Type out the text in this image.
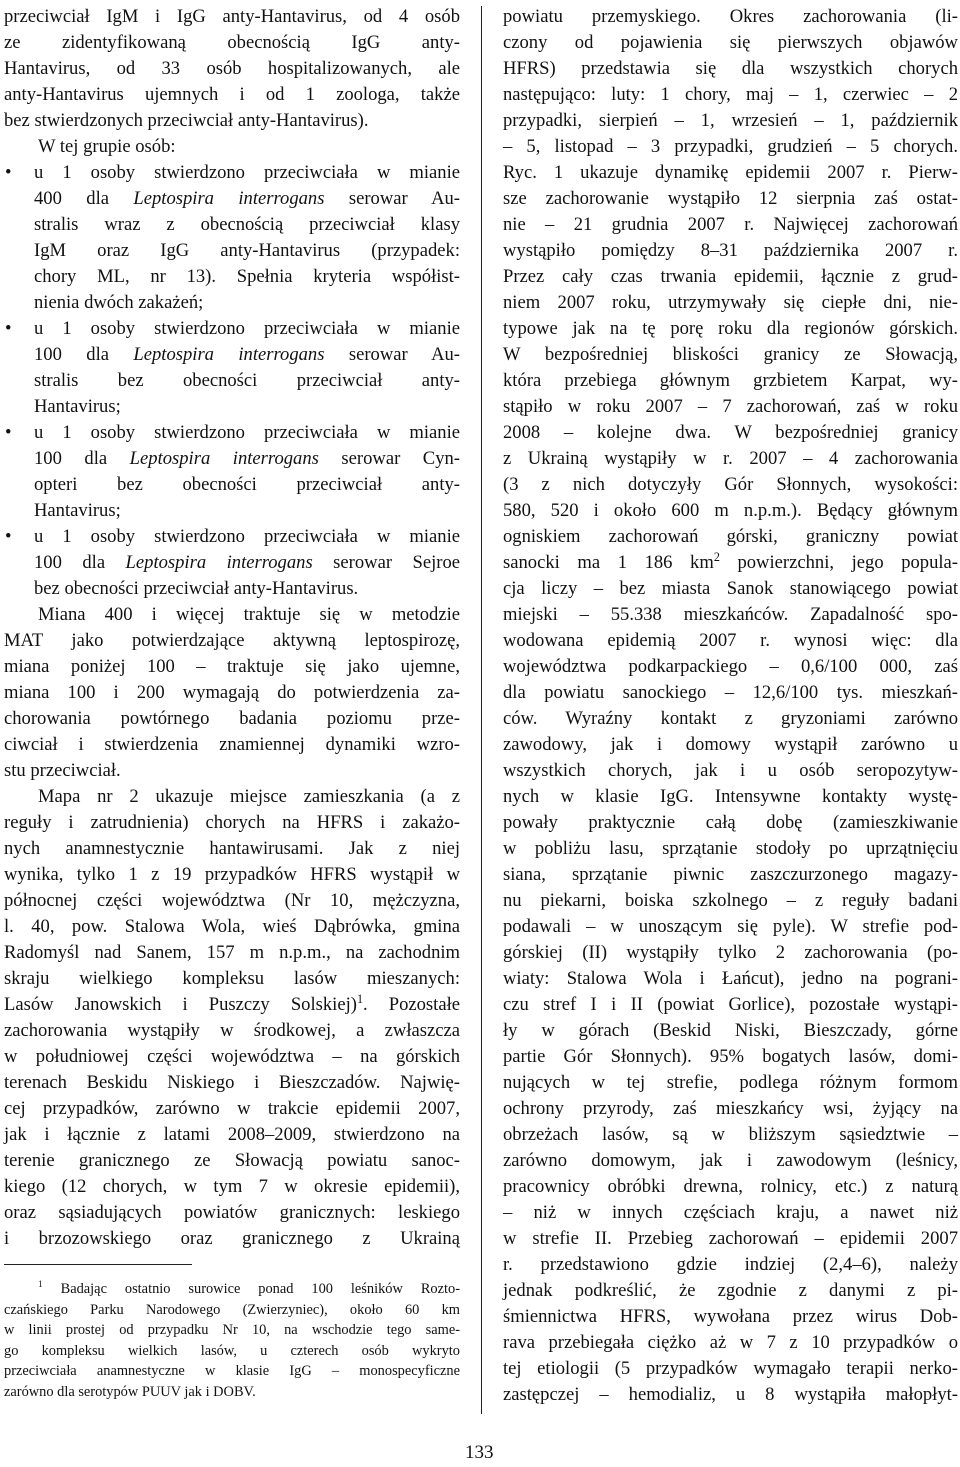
przeciwciał IgM i IgG anty-Hantavirus, od 4 osób
ze zidentyfikowaną obecnością IgG anty-
Hantavirus, od 33 osób hospitalizowanych, ale
anty-Hantavirus ujemnych i od 1 zoologa, także
bez stwierdzonych przeciwciał anty-Hantavirus).
W tej grupie osób:
• u 1 osoby stwierdzono przeciwciała w mianie
400 dla Leptospira interrogans serowar Au-
stralis wraz z obecnością przeciwciał klasy
IgM oraz IgG anty-Hantavirus (przypadek:
chory ML, nr 13). Spełnia kryteria współist-
nienia dwóch zakażeń;
• u 1 osoby stwierdzono przeciwciała w mianie
100 dla Leptospira interrogans serowar Au-
stralis bez obecności przeciwciał anty-
Hantavirus;
• u 1 osoby stwierdzono przeciwciała w mianie
100 dla Leptospira interrogans serowar Cyn-
opteri bez obecności przeciwciał anty-
Hantavirus;
• u 1 osoby stwierdzono przeciwciała w mianie
100 dla Leptospira interrogans serowar Sejroe
bez obecności przeciwciał anty-Hantavirus.
Miana 400 i więcej traktuje się w metodzie
MAT jako potwierdzające aktywną leptospirozę,
miana poniżej 100 – traktuje się jako ujemne,
miana 100 i 200 wymagają do potwierdzenia za-
chorowania powtórnego badania poziomu prze-
ciwciał i stwierdzenia znamiennej dynamiki wzro-
stu przeciwciał.
Mapa nr 2 ukazuje miejsce zamieszkania (a z
reguły i zatrudnienia) chorych na HFRS i zakażo-
nych anamnestycznie hantawirusami. Jak z niej
wynika, tylko 1 z 19 przypadków HFRS wystąpił w
północnej części województwa (Nr 10, mężczyzna,
l. 40, pow. Stalowa Wola, wieś Dąbrówka, gmina
Radomyśl nad Sanem, 157 m n.p.m., na zachodnim
skraju wielkiego kompleksu lasów mieszanych:
Lasów Janowskich i Puszczy Solskiej)$^1$. Pozostałe
zachorowania wystąpiły w środkowej, a zwłaszcza
w południowej części województwa – na górskich
terenach Beskidu Niskiego i Bieszczadów. Najwię-
cej przypadków, zarówno w trakcie epidemii 2007,
jak i łącznie z latami 2008–2009, stwierdzono na
terenie granicznego ze Słowacją powiatu sanoc-
kiego (12 chorych, w tym 7 w okresie epidemii),
oraz sąsiadujących powiatów granicznych: leskiego
i brzozowskiego oraz granicznego z Ukrainą
$^1$ Badając ostatnio surowice ponad 100 leśników Rozto-
czańskiego Parku Narodowego (Zwierzyniec), około 60 km
w linii prostej od przypadku Nr 10, na wschodzie tego same-
go kompleksu wielkich lasów, u czterech osób wykryto
przeciwciała anamnestyczne w klasie IgG – monospecyficzne
zarówno dla serotypów PUUV jak i DOBV.
powiatu przemyskiego. Okres zachorowania (li-
czony od pojawienia się pierwszych objawów
HFRS) przedstawia się dla wszystkich chorych
następująco: luty: 1 chory, maj – 1, czerwiec – 2
przypadki, sierpień – 1, wrzesień – 1, październik
– 5, listopad – 3 przypadki, grudzień – 5 chorych.
Ryc. 1 ukazuje dynamikę epidemii 2007 r. Pierw-
sze zachorowanie wystąpiło 12 sierpnia zaś ostat-
nie – 21 grudnia 2007 r. Najwięcej zachorowań
wystąpiło pomiędzy 8–31 października 2007 r.
Przez cały czas trwania epidemii, łącznie z grud-
niem 2007 roku, utrzymywały się ciepłe dni, nie-
typowe jak na tę porę roku dla regionów górskich.
W bezpośredniej bliskości granicy ze Słowacją,
która przebiega głównym grzbietem Karpat, wy-
stąpiło w roku 2007 – 7 zachorowań, zaś w roku
2008 – kolejne dwa. W bezpośredniej granicy
z Ukrainą wystąpiły w r. 2007 – 4 zachorowania
(3 z nich dotyczyły Gór Słonnych, wysokości:
580, 520 i około 600 m n.p.m.). Będący głównym
ogniskiem zachorowań górski, graniczny powiat
sanocki ma 1 186 $km^2$ powierzchni, jego popula-
cja liczy – bez miasta Sanok stanowiącego powiat
miejski – 55.338 mieszkańców. Zapadalność spo-
wodowana epidemią 2007 r. wynosi więc: dla
województwa podkarpackiego – 0,6/100 000, zaś
dla powiatu sanockiego – 12,6/100 tys. mieszkań-
ców. Wyraźny kontakt z gryzoniami zarówno
zawodowy, jak i domowy wystąpił zarówno u
wszystkich chorych, jak i u osób seropozytyw-
nych w klasie IgG. Intensywne kontakty wystę-
powały praktycznie całą dobę (zamieszkiwanie
w pobliżu lasu, sprzątanie stodoły po uprzątnięciu
siana, sprzątanie piwnic zaszczurzonego magazy-
nu piekarni, boiska szkolnego – z reguły badani
podawali – w unoszącym się pyle). W strefie pod-
górskiej (II) wystąpiły tylko 2 zachorowania (po-
wiaty: Stalowa Wola i Łańcut), jedno na pograni-
czu stref I i II (powiat Gorlice), pozostałe wystąpi-
ły w górach (Beskid Niski, Bieszczady, górne
partie Gór Słonnych). 95% bogatych lasów, domi-
nujących w tej strefie, podlega różnym formom
ochrony przyrody, zaś mieszkańcy wsi, żyjący na
obrzeżach lasów, są w bliższym sąsiedztwie –
zarówno domowym, jak i zawodowym (leśnicy,
pracownicy obróbki drewna, rolnicy, etc.) z naturą
– niż w innych częściach kraju, a nawet niż
w strefie II. Przebieg zachorowań – epidemii 2007
r. przedstawiono gdzie indziej (2,4–6), należy
jednak podkreślić, że zgodnie z danymi z pi-
śmiennictwa HFRS, wywołana przez wirus Dob-
rava przebiegała ciężko aż w 7 z 10 przypadków o
tej etiologii (5 przypadków wymagało terapii nerko-
zastępczej – hemodializ, u 8 wystąpiła małopłyt-
133
